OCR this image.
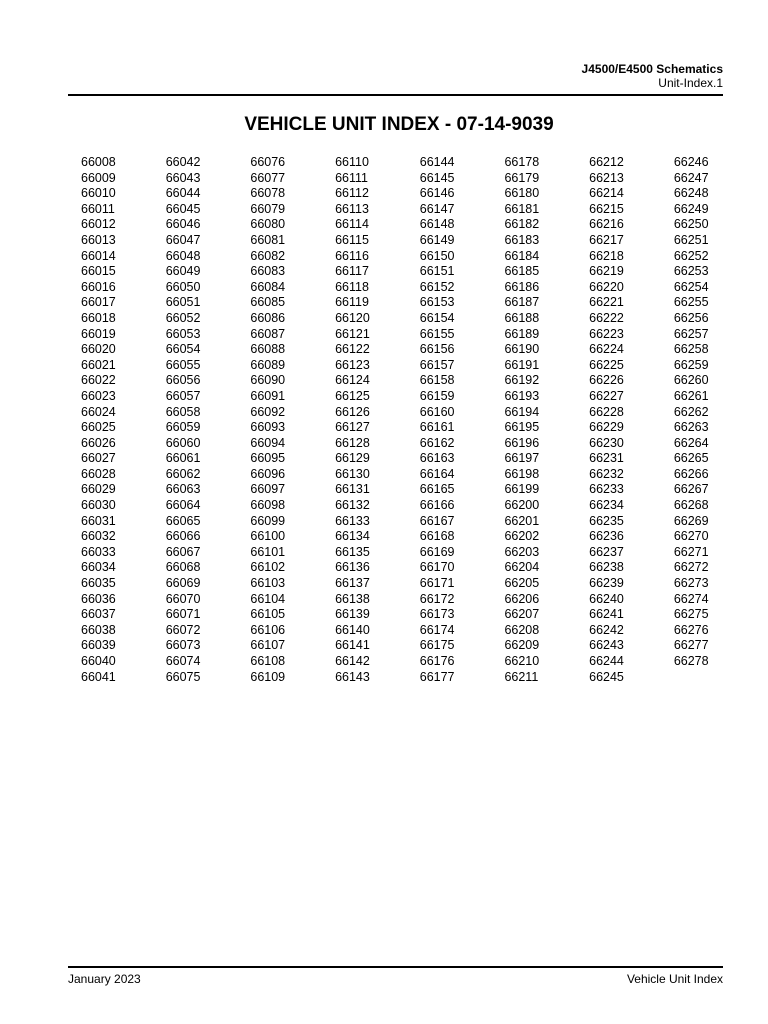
J4500/E4500 Schematics
Unit-Index.1
VEHICLE UNIT INDEX - 07-14-9039
66008
66009
66010
66011
66012
66013
66014
66015
66016
66017
66018
66019
66020
66021
66022
66023
66024
66025
66026
66027
66028
66029
66030
66031
66032
66033
66034
66035
66036
66037
66038
66039
66040
66041
66042
66043
66044
66045
66046
66047
66048
66049
66050
66051
66052
66053
66054
66055
66056
66057
66058
66059
66060
66061
66062
66063
66064
66065
66066
66067
66068
66069
66070
66071
66072
66073
66074
66075
66076
66077
66078
66079
66080
66081
66082
66083
66084
66085
66086
66087
66088
66089
66090
66091
66092
66093
66094
66095
66096
66097
66098
66099
66100
66101
66102
66103
66104
66105
66106
66107
66108
66109
66110
66111
66112
66113
66114
66115
66116
66117
66118
66119
66120
66121
66122
66123
66124
66125
66126
66127
66128
66129
66130
66131
66132
66133
66134
66135
66136
66137
66138
66139
66140
66141
66142
66143
66144
66145
66146
66147
66148
66149
66150
66151
66152
66153
66154
66155
66156
66157
66158
66159
66160
66161
66162
66163
66164
66165
66166
66167
66168
66169
66170
66171
66172
66173
66174
66175
66176
66177
66178
66179
66180
66181
66182
66183
66184
66185
66186
66187
66188
66189
66190
66191
66192
66193
66194
66195
66196
66197
66198
66199
66200
66201
66202
66203
66204
66205
66206
66207
66208
66209
66210
66211
66212
66213
66214
66215
66216
66217
66218
66219
66220
66221
66222
66223
66224
66225
66226
66227
66228
66229
66230
66231
66232
66233
66234
66235
66236
66237
66238
66239
66240
66241
66242
66243
66244
66245
66246
66247
66248
66249
66250
66251
66252
66253
66254
66255
66256
66257
66258
66259
66260
66261
66262
66263
66264
66265
66266
66267
66268
66269
66270
66271
66272
66273
66274
66275
66276
66277
66278
January 2023	Vehicle Unit Index
